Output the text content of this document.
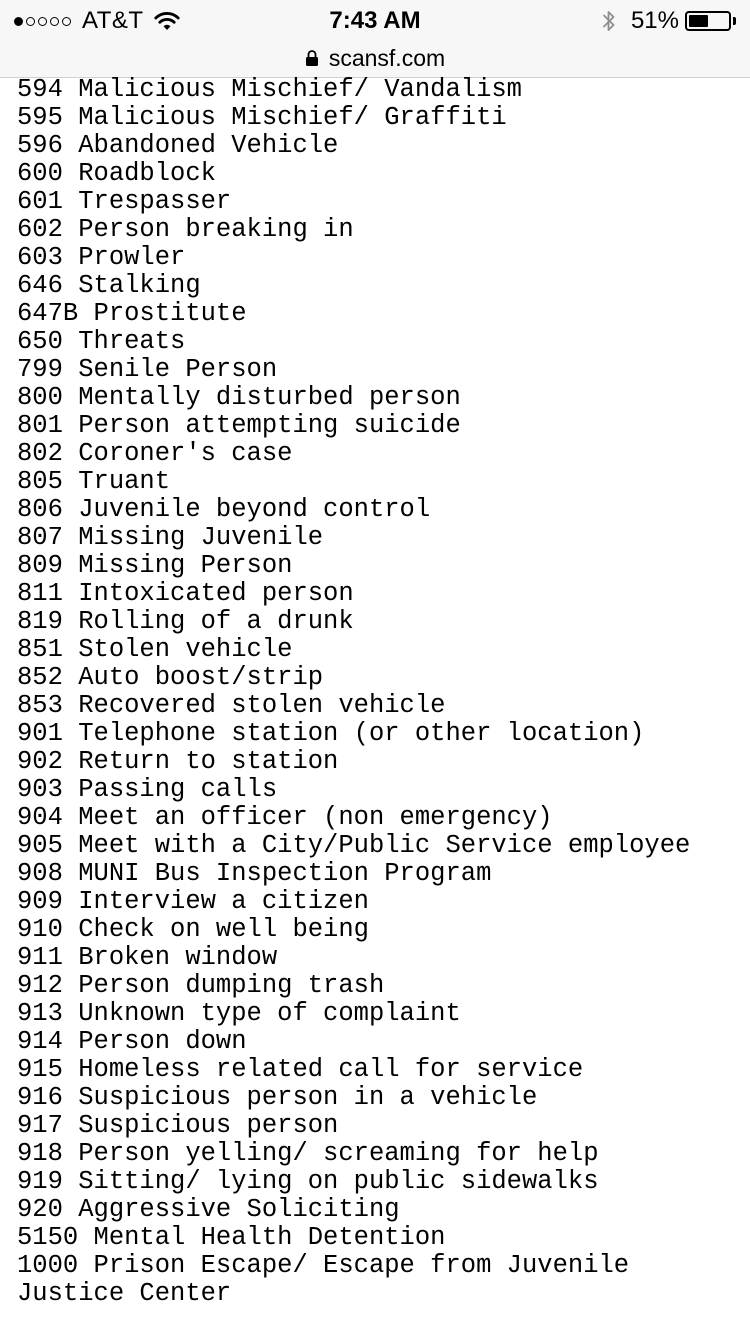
AT&T	7:43 AM	51%
scansf.com
594 Malicious Mischief/ Vandalism
595 Malicious Mischief/ Graffiti
596 Abandoned Vehicle
600 Roadblock
601 Trespasser
602 Person breaking in
603 Prowler
646 Stalking
647B Prostitute
650 Threats
799 Senile Person
800 Mentally disturbed person
801 Person attempting suicide
802 Coroner's case
805 Truant
806 Juvenile beyond control
807 Missing Juvenile
809 Missing Person
811 Intoxicated person
819 Rolling of a drunk
851 Stolen vehicle
852 Auto boost/strip
853 Recovered stolen vehicle
901 Telephone station (or other location)
902 Return to station
903 Passing calls
904 Meet an officer (non emergency)
905 Meet with a City/Public Service employee
908 MUNI Bus Inspection Program
909 Interview a citizen
910 Check on well being
911 Broken window
912 Person dumping trash
913 Unknown type of complaint
914 Person down
915 Homeless related call for service
916 Suspicious person in a vehicle
917 Suspicious person
918 Person yelling/ screaming for help
919 Sitting/ lying on public sidewalks
920 Aggressive Soliciting
5150 Mental Health Detention
1000 Prison Escape/ Escape from Juvenile
Justice Center
